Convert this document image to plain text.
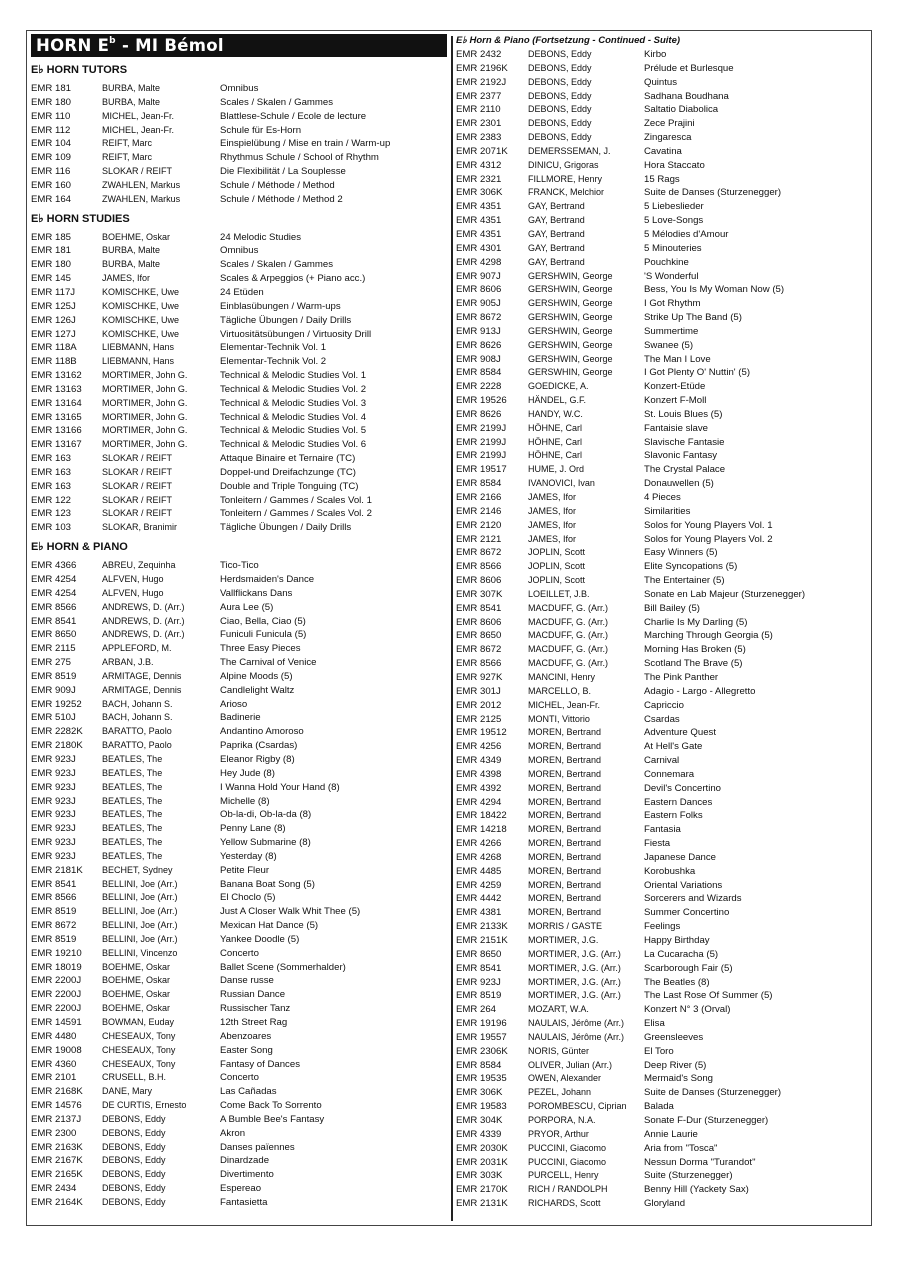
HORN $E^b$ - MI Bémol
E♭ HORN TUTORS
EMR 181	BURBA, Malte	Omnibus
EMR 180	BURBA, Malte	Scales / Skalen / Gammes
EMR 110	MICHEL, Jean-Fr.	Blattlese-Schule / Ecole de lecture
EMR 112	MICHEL, Jean-Fr.	Schule für Es-Horn
EMR 104	REIFT, Marc	Einspielübung / Mise en train / Warm-up
EMR 109	REIFT, Marc	Rhythmus Schule / School of Rhythm
EMR 116	SLOKAR / REIFT	Die Flexibilität / La Souplesse
EMR 160	ZWAHLEN, Markus	Schule / Méthode / Method
EMR 164	ZWAHLEN, Markus	Schule / Méthode / Method 2
E♭ HORN STUDIES
EMR 185	BOEHME, Oskar	24 Melodic Studies
EMR 181	BURBA, Malte	Omnibus
EMR 180	BURBA, Malte	Scales / Skalen / Gammes
EMR 145	JAMES, Ifor	Scales & Arpeggios (+ Piano acc.)
EMR 117J	KOMISCHKE, Uwe	24 Etüden
EMR 125J	KOMISCHKE, Uwe	Einblasübungen / Warm-ups
EMR 126J	KOMISCHKE, Uwe	Tägliche Übungen / Daily Drills
EMR 127J	KOMISCHKE, Uwe	Virtuositätsübungen / Virtuosity Drill
EMR 118A	LIEBMANN, Hans	Elementar-Technik Vol. 1
EMR 118B	LIEBMANN, Hans	Elementar-Technik Vol. 2
EMR 13162	MORTIMER, John G.	Technical & Melodic Studies Vol. 1
EMR 13163	MORTIMER, John G.	Technical & Melodic Studies Vol. 2
EMR 13164	MORTIMER, John G.	Technical & Melodic Studies Vol. 3
EMR 13165	MORTIMER, John G.	Technical & Melodic Studies Vol. 4
EMR 13166	MORTIMER, John G.	Technical & Melodic Studies Vol. 5
EMR 13167	MORTIMER, John G.	Technical & Melodic Studies Vol. 6
EMR 163	SLOKAR / REIFT	Attaque Binaire et Ternaire (TC)
EMR 163	SLOKAR / REIFT	Doppel-und Dreifachzunge (TC)
EMR 163	SLOKAR / REIFT	Double and Triple Tonguing (TC)
EMR 122	SLOKAR / REIFT	Tonleitern / Gammes / Scales Vol. 1
EMR 123	SLOKAR / REIFT	Tonleitern / Gammes / Scales Vol. 2
EMR 103	SLOKAR, Branimir	Tägliche Übungen / Daily Drills
E♭ HORN & PIANO
EMR 4366	ABREU, Zequinha	Tico-Tico
EMR 4254	ALFVEN, Hugo	Herdsmaiden's Dance
EMR 4254	ALFVEN, Hugo	Vallflickans Dans
EMR 8566	ANDREWS, D. (Arr.)	Aura Lee (5)
EMR 8541	ANDREWS, D. (Arr.)	Ciao, Bella, Ciao (5)
EMR 8650	ANDREWS, D. (Arr.)	Funiculi Funicula (5)
EMR 2115	APPLEFORD, M.	Three Easy Pieces
EMR 275	ARBAN, J.B.	The Carnival of Venice
EMR 8519	ARMITAGE, Dennis	Alpine Moods (5)
EMR 909J	ARMITAGE, Dennis	Candlelight Waltz
EMR 19252	BACH, Johann S.	Arioso
EMR 510J	BACH, Johann S.	Badinerie
EMR 2282K	BARATTO, Paolo	Andantino Amoroso
EMR 2180K	BARATTO, Paolo	Paprika (Csardas)
EMR 923J	BEATLES, The	Eleanor Rigby (8)
EMR 923J	BEATLES, The	Hey Jude (8)
EMR 923J	BEATLES, The	I Wanna Hold Your Hand (8)
EMR 923J	BEATLES, The	Michelle (8)
EMR 923J	BEATLES, The	Ob-la-di, Ob-la-da (8)
EMR 923J	BEATLES, The	Penny Lane (8)
EMR 923J	BEATLES, The	Yellow Submarine (8)
EMR 923J	BEATLES, The	Yesterday (8)
EMR 2181K	BECHET, Sydney	Petite Fleur
EMR 8541	BELLINI, Joe (Arr.)	Banana Boat Song (5)
EMR 8566	BELLINI, Joe (Arr.)	El Choclo (5)
EMR 8519	BELLINI, Joe (Arr.)	Just A Closer Walk Whit Thee (5)
EMR 8672	BELLINI, Joe (Arr.)	Mexican Hat Dance (5)
EMR 8519	BELLINI, Joe (Arr.)	Yankee Doodle (5)
EMR 19210	BELLINI, Vincenzo	Concerto
EMR 18019	BOEHME, Oskar	Ballet Scene (Sommerhalder)
EMR 2200J	BOEHME, Oskar	Danse russe
EMR 2200J	BOEHME, Oskar	Russian Dance
EMR 2200J	BOEHME, Oskar	Russischer Tanz
EMR 14591	BOWMAN, Euday	12th Street Rag
EMR 4480	CHESEAUX, Tony	Abenzoares
EMR 19008	CHESEAUX, Tony	Easter Song
EMR 4360	CHESEAUX, Tony	Fantasy of Dances
EMR 2101	CRUSELL, B.H.	Concerto
EMR 2168K	DANE, Mary	Las Cañadas
EMR 14576	DE CURTIS, Ernesto	Come Back To Sorrento
EMR 2137J	DEBONS, Eddy	A Bumble Bee's Fantasy
EMR 2300	DEBONS, Eddy	Akron
EMR 2163K	DEBONS, Eddy	Danses païennes
EMR 2167K	DEBONS, Eddy	Dinardzade
EMR 2165K	DEBONS, Eddy	Divertimento
EMR 2434	DEBONS, Eddy	Espereao
EMR 2164K	DEBONS, Eddy	Fantasietta
E♭ Horn & Piano (Fortsetzung - Continued - Suite)
EMR 2432	DEBONS, Eddy	Kirbo
EMR 2196K	DEBONS, Eddy	Prélude et Burlesque
EMR 2192J	DEBONS, Eddy	Quintus
EMR 2377	DEBONS, Eddy	Sadhana Boudhana
EMR 2110	DEBONS, Eddy	Saltatio Diabolica
EMR 2301	DEBONS, Eddy	Zece Prajini
EMR 2383	DEBONS, Eddy	Zingaresca
EMR 2071K	DEMERSSEMAN, J.	Cavatina
EMR 4312	DINICU, Grigoras	Hora Staccato
EMR 2321	FILLMORE, Henry	15 Rags
EMR 306K	FRANCK, Melchior	Suite de Danses (Sturzenegger)
EMR 4351	GAY, Bertrand	5 Liebeslieder
EMR 4351	GAY, Bertrand	5 Love-Songs
EMR 4351	GAY, Bertrand	5 Mélodies d'Amour
EMR 4301	GAY, Bertrand	5 Minouteries
EMR 4298	GAY, Bertrand	Pouchkine
EMR 907J	GERSHWIN, George	'S Wonderful
EMR 8606	GERSHWIN, George	Bess, You Is My Woman Now (5)
EMR 905J	GERSHWIN, George	I Got Rhythm
EMR 8672	GERSHWIN, George	Strike Up The Band (5)
EMR 913J	GERSHWIN, George	Summertime
EMR 8626	GERSHWIN, George	Swanee (5)
EMR 908J	GERSHWIN, George	The Man I Love
EMR 8584	GERSWHIN, George	I Got Plenty O' Nuttin' (5)
EMR 2228	GOEDICKE, A.	Konzert-Etüde
EMR 19526	HÄNDEL, G.F.	Konzert F-Moll
EMR 8626	HANDY, W.C.	St. Louis Blues (5)
EMR 2199J	HÖHNE, Carl	Fantaisie slave
EMR 2199J	HÖHNE, Carl	Slavische Fantasie
EMR 2199J	HÖHNE, Carl	Slavonic Fantasy
EMR 19517	HUME, J. Ord	The Crystal Palace
EMR 8584	IVANOVICI, Ivan	Donauwellen (5)
EMR 2166	JAMES, Ifor	4 Pieces
EMR 2146	JAMES, Ifor	Similarities
EMR 2120	JAMES, Ifor	Solos for Young Players Vol. 1
EMR 2121	JAMES, Ifor	Solos for Young Players Vol. 2
EMR 8672	JOPLIN, Scott	Easy Winners (5)
EMR 8566	JOPLIN, Scott	Elite Syncopations (5)
EMR 8606	JOPLIN, Scott	The Entertainer (5)
EMR 307K	LOEILLET, J.B.	Sonate en Lab Majeur (Sturzenegger)
EMR 8541	MACDUFF, G. (Arr.)	Bill Bailey (5)
EMR 8606	MACDUFF, G. (Arr.)	Charlie Is My Darling (5)
EMR 8650	MACDUFF, G. (Arr.)	Marching Through Georgia (5)
EMR 8672	MACDUFF, G. (Arr.)	Morning Has Broken (5)
EMR 8566	MACDUFF, G. (Arr.)	Scotland The Brave (5)
EMR 927K	MANCINI, Henry	The Pink Panther
EMR 301J	MARCELLO, B.	Adagio - Largo - Allegretto
EMR 2012	MICHEL, Jean-Fr.	Capriccio
EMR 2125	MONTI, Vittorio	Csardas
EMR 19512	MOREN, Bertrand	Adventure Quest
EMR 4256	MOREN, Bertrand	At Hell's Gate
EMR 4349	MOREN, Bertrand	Carnival
EMR 4398	MOREN, Bertrand	Connemara
EMR 4392	MOREN, Bertrand	Devil's Concertino
EMR 4294	MOREN, Bertrand	Eastern Dances
EMR 18422	MOREN, Bertrand	Eastern Folks
EMR 14218	MOREN, Bertrand	Fantasia
EMR 4266	MOREN, Bertrand	Fiesta
EMR 4268	MOREN, Bertrand	Japanese Dance
EMR 4485	MOREN, Bertrand	Korobushka
EMR 4259	MOREN, Bertrand	Oriental Variations
EMR 4442	MOREN, Bertrand	Sorcerers and Wizards
EMR 4381	MOREN, Bertrand	Summer Concertino
EMR 2133K	MORRIS / GASTE	Feelings
EMR 2151K	MORTIMER, J.G.	Happy Birthday
EMR 8650	MORTIMER, J.G. (Arr.)	La Cucaracha (5)
EMR 8541	MORTIMER, J.G. (Arr.)	Scarborough Fair (5)
EMR 923J	MORTIMER, J.G. (Arr.)	The Beatles (8)
EMR 8519	MORTIMER, J.G. (Arr.)	The Last Rose Of Summer (5)
EMR 264	MOZART, W.A.	Konzert N° 3 (Orval)
EMR 19196	NAULAIS, Jérôme (Arr.)	Elisa
EMR 19557	NAULAIS, Jérôme (Arr.)	Greensleeves
EMR 2306K	NORIS, Günter	El Toro
EMR 8584	OLIVER, Julian (Arr.)	Deep River (5)
EMR 19535	OWEN, Alexander	Mermaid's Song
EMR 306K	PEZEL, Johann	Suite de Danses (Sturzenegger)
EMR 19583	POROMBESCU, Ciprian	Balada
EMR 304K	PORPORA, N.A.	Sonate F-Dur (Sturzenegger)
EMR 4339	PRYOR, Arthur	Annie Laurie
EMR 2030K	PUCCINI, Giacomo	Aria from "Tosca"
EMR 2031K	PUCCINI, Giacomo	Nessun Dorma "Turandot"
EMR 303K	PURCELL, Henry	Suite (Sturzenegger)
EMR 2170K	RICH / RANDOLPH	Benny Hill (Yackety Sax)
EMR 2131K	RICHARDS, Scott	Gloryland
